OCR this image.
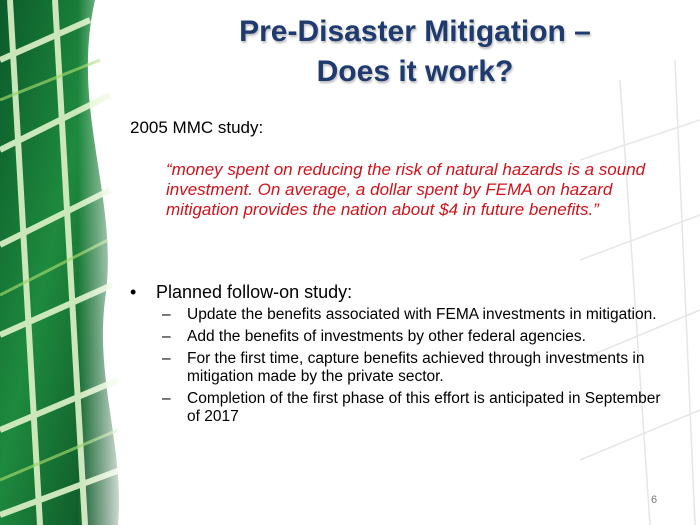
Pre-Disaster Mitigation –
Does it work?
2005 MMC study:
“money spent on reducing the risk of natural hazards is a sound investment. On average, a dollar spent by FEMA on hazard mitigation provides the nation about $4 in future benefits.”
• Planned follow-on study:
– Update the benefits associated with FEMA investments in mitigation.
– Add the benefits of investments by other federal agencies.
– For the first time, capture benefits achieved through investments in mitigation made by the private sector.
– Completion of the first phase of this effort is anticipated in September of 2017
6
